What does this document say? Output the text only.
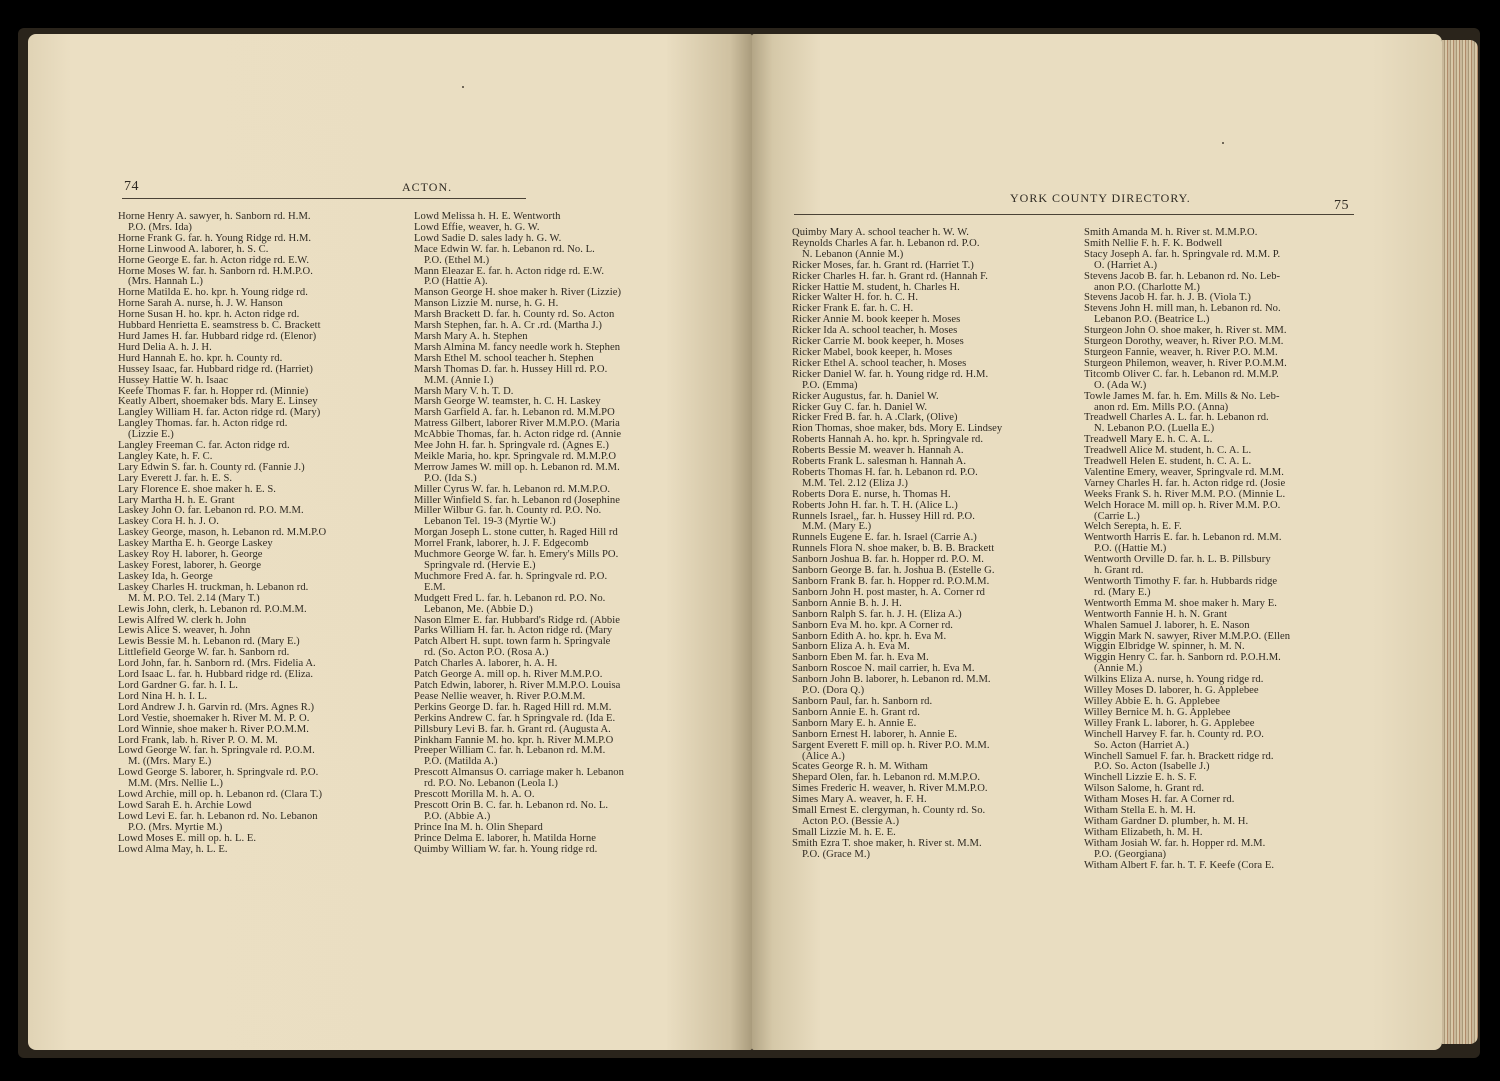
74	ACTON.
Horne Henry A. sawyer, h. Sanborn rd. H.M.
P.O. (Mrs. Ida)
Horne Frank G. far. h. Young Ridge rd. H.M.
Horne Linwood A. laborer, h. S. C.
Horne George E. far. h. Acton ridge rd. E.W.
Horne Moses W. far. h. Sanborn rd. H.M.P.O.
(Mrs. Hannah L.)
Horne Matilda E. ho. kpr. h. Young ridge rd.
Horne Sarah A. nurse, h. J. W. Hanson
Horne Susan H. ho. kpr. h. Acton ridge rd.
Hubbard Henrietta E. seamstress b. C. Brackett
Hurd James H. far. Hubbard ridge rd. (Elenor)
Hurd Delia A. h. J. H.
Hurd Hannah E. ho. kpr. h. County rd.
Hussey Isaac, far. Hubbard ridge rd. (Harriet)
Hussey Hattie W. h. Isaac
Keefe Thomas F. far. h. Hopper rd. (Minnie)
Keatly Albert, shoemaker bds. Mary E. Linsey
Langley William H. far. Acton ridge rd. (Mary)
Langley Thomas. far. h. Acton ridge rd.
(Lizzie E.)
Langley Freeman C. far. Acton ridge rd.
Langley Kate, h. F. C.
Lary Edwin S. far. h. County rd. (Fannie J.)
Lary Everett J. far. h. E. S.
Lary Florence E. shoe maker h. E. S.
Lary Martha H. h. E. Grant
Laskey John O. far. Lebanon rd. P.O. M.M.
Laskey Cora H. h. J. O.
Laskey George, mason, h. Lebanon rd. M.M.P.O
Laskey Martha E. h. George Laskey
Laskey Roy H. laborer, h. George
Laskey Forest, laborer, h. George
Laskey Ida, h. George
Laskey Charles H. truckman, h. Lebanon rd.
M. M. P.O. Tel. 2.14 (Mary T.)
Lewis John, clerk, h. Lebanon rd. P.O.M.M.
Lewis Alfred W. clerk h. John
Lewis Alice S. weaver, h. John
Lewis Bessie M. h. Lebanon rd. (Mary E.)
Littlefield George W. far. h. Sanborn rd.
Lord John, far. h. Sanborn rd. (Mrs. Fidelia A.
Lord Isaac L. far. h. Hubbard ridge rd. (Eliza.
Lord Gardner G. far. h. I. L.
Lord Nina H. h. I. L.
Lord Andrew J. h. Garvin rd. (Mrs. Agnes R.)
Lord Vestie, shoemaker h. River M. M. P. O.
Lord Winnie, shoe maker h. River P.O.M.M.
Lord Frank, lab. h. River P. O. M. M.
Lowd George W. far. h. Springvale rd. P.O.M.
M. ((Mrs. Mary E.)
Lowd George S. laborer, h. Springvale rd. P.O.
M.M. (Mrs. Nellie L.)
Lowd Archie, mill op. h. Lebanon rd. (Clara T.)
Lowd Sarah E. h. Archie Lowd
Lowd Levi E. far. h. Lebanon rd. No. Lebanon
P.O. (Mrs. Myrtie M.)
Lowd Moses E. mill op. h. L. E.
Lowd Alma May, h. L. E.
Lowd Melissa h. H. E. Wentworth
Lowd Effie, weaver, h. G. W.
Lowd Sadie D. sales lady h. G. W.
Mace Edwin W. far. h. Lebanon rd. No. L.
P.O. (Ethel M.)
Mann Eleazar E. far. h. Acton ridge rd. E.W.
P.O (Hattie A).
Manson George H. shoe maker h. River (Lizzie)
Manson Lizzie M. nurse, h. G. H.
Marsh Brackett D. far. h. County rd. So. Acton
Marsh Stephen, far. h. A. Cr .rd. (Martha J.)
Marsh Mary A. h. Stephen
Marsh Almina M. fancy needle work h. Stephen
Marsh Ethel M. school teacher h. Stephen
Marsh Thomas D. far. h. Hussey Hill rd. P.O.
M.M. (Annie I.)
Marsh Mary V. h. T. D.
Marsh George W. teamster, h. C. H. Laskey
Marsh Garfield A. far. h. Lebanon rd. M.M.PO
Matress Gilbert, laborer River M.M.P.O. (Maria
McAbbie Thomas, far. h. Acton ridge rd. (Annie
Mee John H. far. h. Springvale rd. (Agnes E.)
Meikle Maria, ho. kpr. Springvale rd. M.M.P.O
Merrow James W. mill op. h. Lebanon rd. M.M.
P.O. (Ida S.)
Miller Cyrus W. far. h. Lebanon rd. M.M.P.O.
Miller Winfield S. far. h. Lebanon rd (Josephine
Miller Wilbur G. far. h. County rd. P.O. No.
Lebanon Tel. 19-3 (Myrtie W.)
Morgan Joseph L. stone cutter, h. Raged Hill rd
Morrel Frank, laborer, h. J. F. Edgecomb
Muchmore George W. far. h. Emery's Mills PO.
Springvale rd. (Hervie E.)
Muchmore Fred A. far. h. Springvale rd. P.O.
E.M.
Mudgett Fred L. far. h. Lebanon rd. P.O. No.
Lebanon, Me. (Abbie D.)
Nason Elmer E. far. Hubbard's Ridge rd. (Abbie
Parks William H. far. h. Acton ridge rd. (Mary
Patch Albert H. supt. town farm h. Springvale
rd. (So. Acton P.O. (Rosa A.)
Patch Charles A. laborer, h. A. H.
Patch George A. mill op. h. River M.M.P.O.
Patch Edwin, laborer, h. River M.M.P.O. Louisa
Pease Nellie weaver, h. River P.O.M.M.
Perkins George D. far. h. Raged Hill rd. M.M.
Perkins Andrew C. far. h Springvale rd. (Ida E.
Pillsbury Levi B. far. h. Grant rd. (Augusta A.
Pinkham Fannie M. ho. kpr. h. River M.M.P.O
Preeper William C. far. h. Lebanon rd. M.M.
P.O. (Matilda A.)
Prescott Almansus O. carriage maker h. Lebanon
rd. P.O. No. Lebanon (Leola I.)
Prescott Morilla M. h. A. O.
Prescott Orin B. C. far. h. Lebanon rd. No. L.
P.O. (Abbie A.)
Prince Ina M. h. Olin Shepard
Prince Delma E. laborer, h. Matilda Horne
Quimby William W. far. h. Young ridge rd.
YORK COUNTY DIRECTORY.	75
Quimby Mary A. school teacher h. W. W.
Reynolds Charles A far. h. Lebanon rd. P.O.
N. Lebanon (Annie M.)
Ricker Moses, far. h. Grant rd. (Harriet T.)
Ricker Charles H. far. h. Grant rd. (Hannah F.
Ricker Hattie M. student, h. Charles H.
Ricker Walter H. for. h. C. H.
Ricker Frank E. far. h. C. H.
Ricker Annie M. book keeper h. Moses
Ricker Ida A. school teacher, h. Moses
Ricker Carrie M. book keeper, h. Moses
Ricker Mabel, book keeper, h. Moses
Ricker Ethel A. school teacher, h. Moses
Ricker Daniel W. far. h. Young ridge rd. H.M.
P.O. (Emma)
Ricker Augustus, far. h. Daniel W.
Ricker Guy C. far. h. Daniel W.
Ricker Fred B. far. h. A .Clark, (Olive)
Rion Thomas, shoe maker, bds. Mory E. Lindsey
Roberts Hannah A. ho. kpr. h. Springvale rd.
Roberts Bessie M. weaver h. Hannah A.
Roberts Frank L. salesman h. Hannah A.
Roberts Thomas H. far. h. Lebanon rd. P.O.
M.M. Tel. 2.12 (Eliza J.)
Roberts Dora E. nurse, h. Thomas H.
Roberts John H. far. h. T. H. (Alice L.)
Runnels Israel,, far. h. Hussey Hill rd. P.O.
M.M. (Mary E.)
Runnels Eugene E. far. h. Israel (Carrie A.)
Runnels Flora N. shoe maker, b. B. B. Brackett
Sanborn Joshua B. far. h. Hopper rd. P.O. M.
Sanborn George B. far. h. Joshua B. (Estelle G.
Sanborn Frank B. far. h. Hopper rd. P.O.M.M.
Sanborn John H. post master, h. A. Corner rd
Sanborn Annie B. h. J. H.
Sanborn Ralph S. far. h. J. H. (Eliza A.)
Sanborn Eva M. ho. kpr. A Corner rd.
Sanborn Edith A. ho. kpr. h. Eva M.
Sanborn Eliza A. h. Eva M.
Sanborn Eben M. far. h. Eva M.
Sanborn Roscoe N. mail carrier, h. Eva M.
Sanborn John B. laborer, h. Lebanon rd. M.M.
P.O. (Dora Q.)
Sanborn Paul, far. h. Sanborn rd.
Sanborn Annie E. h. Grant rd.
Sanborn Mary E. h. Annie E.
Sanborn Ernest H. laborer, h. Annie E.
Sargent Everett F. mill op. h. River P.O. M.M.
(Alice A.)
Scates George R. h. M. Witham
Shepard Olen, far. h. Lebanon rd. M.M.P.O.
Simes Frederic H. weaver, h. River M.M.P.O.
Simes Mary A. weaver, h. F. H.
Small Ernest E. clergyman, h. County rd. So.
Acton P.O. (Bessie A.)
Small Lizzie M. h. E. E.
Smith Ezra T. shoe maker, h. River st. M.M.
P.O. (Grace M.)
Smith Amanda M. h. River st. M.M.P.O.
Smith Nellie F. h. F. K. Bodwell
Stacy Joseph A. far. h. Springvale rd. M.M. P.
O. (Harriet A.)
Stevens Jacob B. far. h. Lebanon rd. No. Leb-
anon P.O. (Charlotte M.)
Stevens Jacob H. far. h. J. B. (Viola T.)
Stevens John H. mill man, h. Lebanon rd. No.
Lebanon P.O. (Beatrice L.)
Sturgeon John O. shoe maker, h. River st. MM.
Sturgeon Dorothy, weaver, h. River P.O. M.M.
Sturgeon Fannie, weaver, h. River P.O. M.M.
Sturgeon Philemon, weaver, h. River P.O.M.M.
Titcomb Oliver C. far. h. Lebanon rd. M.M.P.
O. (Ada W.)
Towle James M. far. h. Em. Mills & No. Leb-
anon rd. Em. Mills P.O. (Anna)
Treadwell Charles A. L. far. h. Lebanon rd.
N. Lebanon P.O. (Luella E.)
Treadwell Mary E. h. C. A. L.
Treadwell Alice M. student, h. C. A. L.
Treadwell Helen E. student, h. C. A. L.
Valentine Emery, weaver, Springvale rd. M.M.
Varney Charles H. far. h. Acton ridge rd. (Josie
Weeks Frank S. h. River M.M. P.O. (Minnie L.
Welch Horace M. mill op. h. River M.M. P.O.
(Carrie L.)
Welch Serepta, h. E. F.
Wentworth Harris E. far. h. Lebanon rd. M.M.
P.O. ((Hattie M.)
Wentworth Orville D. far. h. L. B. Pillsbury
h. Grant rd.
Wentworth Timothy F. far. h. Hubbards ridge
rd. (Mary E.)
Wentworth Emma M. shoe maker h. Mary E.
Wentworth Fannie H. h. N. Grant
Whalen Samuel J. laborer, h. E. Nason
Wiggin Mark N. sawyer, River M.M.P.O. (Ellen
Wiggin Elbridge W. spinner, h. M. N.
Wiggin Henry C. far. h. Sanborn rd. P.O.H.M.
(Annie M.)
Wilkins Eliza A. nurse, h. Young ridge rd.
Willey Moses D. laborer, h. G. Applebee
Willey Abbie E. h. G. Applebee
Willey Bernice M. h. G. Applebee
Willey Frank L. laborer, h. G. Applebee
Winchell Harvey F. far. h. County rd. P.O.
So. Acton (Harriet A.)
Winchell Samuel F. far. h. Brackett ridge rd.
P.O. So. Acton (Isabelle J.)
Winchell Lizzie E. h. S. F.
Wilson Salome, h. Grant rd.
Witham Moses H. far. A Corner rd.
Witham Stella E. h. M. H.
Witham Gardner D. plumber, h. M. H.
Witham Elizabeth, h. M. H.
Witham Josiah W. far. h. Hopper rd. M.M.
P.O. (Georgiana)
Witham Albert F. far. h. T. F. Keefe (Cora E.
